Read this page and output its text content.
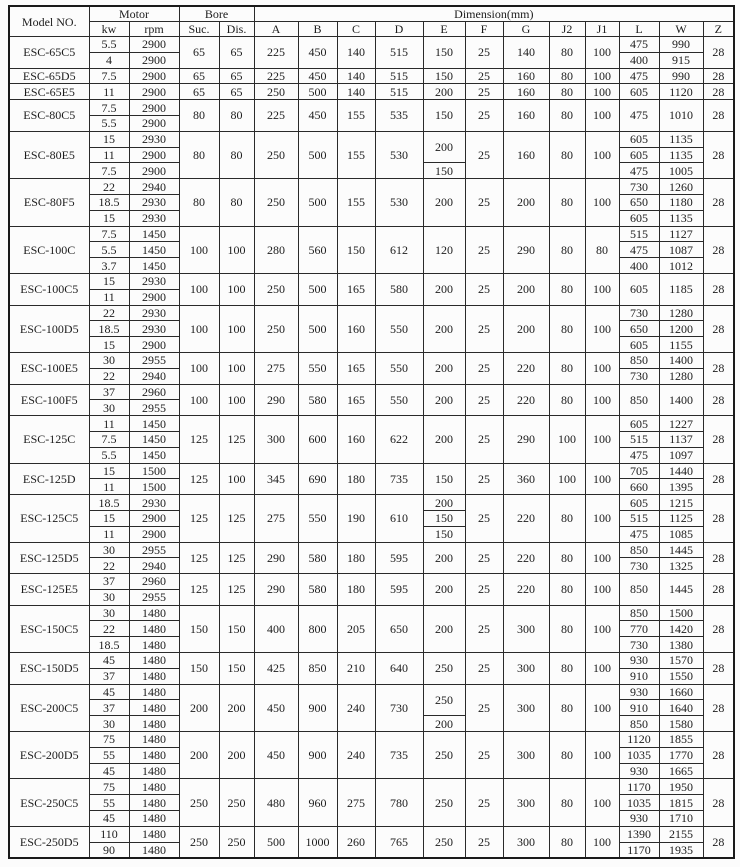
Model NO.	Motor		Bore		Dimension(mm)											
	kw	rpm	Suc.	Dis.	A	B	C	D	E	F	G	J2	J1	L	W	Z
ESC-65C5	5.5	2900	65	65	225	450	140	515	150	25	140	80	100	475	990	28
	4	2900												400	915	
ESC-65D5	7.5	2900	65	65	225	450	140	515	150	25	160	80	100	475	990	28
ESC-65E5	11	2900	65	65	250	500	140	515	200	25	160	80	100	605	1120	28
ESC-80C5	7.5	2900	80	80	225	450	155	535	150	25	160	80	100	475	1010	28
	5.5	2900														
ESC-80E5	15	2930	80	80	250	500	155	530	200	25	160	80	100	605	1135	28
	11	2900												605	1135	
	7.5	2900							150					475	1005	
ESC-80F5	22	2940	80	80	250	500	155	530	200	25	200	80	100	730	1260	28
	18.5	2930												650	1180	
	15	2930												605	1135	
ESC-100C	7.5	1450	100	100	280	560	150	612	120	25	290	80	80	515	1127	28
	5.5	1450												475	1087	
	3.7	1450												400	1012	
ESC-100C5	15	2930	100	100	250	500	165	580	200	25	200	80	100	605	1185	28
	11	2900														
ESC-100D5	22	2930	100	100	250	500	160	550	200	25	200	80	100	730	1280	28
	18.5	2930												650	1200	
	15	2900												605	1155	
ESC-100E5	30	2955	100	100	275	550	165	550	200	25	220	80	100	850	1400	28
	22	2940												730	1280	
ESC-100F5	37	2960	100	100	290	580	165	550	200	25	220	80	100	850	1400	28
	30	2955														
ESC-125C	11	1450	125	125	300	600	160	622	200	25	290	100	100	605	1227	28
	7.5	1450												515	1137	
	5.5	1450												475	1097	
ESC-125D	15	1500	125	100	345	690	180	735	150	25	360	100	100	705	1440	28
	11	1500												660	1395	
ESC-125C5	18.5	2930	125	125	275	550	190	610	200	25	220	80	100	605	1215	28
	15	2900							150					515	1125	
	11	2900							150					475	1085	
ESC-125D5	30	2955	125	125	290	580	180	595	200	25	220	80	100	850	1445	28
	22	2940												730	1325	
ESC-125E5	37	2960	125	125	290	580	180	595	200	25	220	80	100	850	1445	28
	30	2955														
ESC-150C5	30	1480	150	150	400	800	205	650	200	25	300	80	100	850	1500	28
	22	1480												770	1420	
	18.5	1480												730	1380	
ESC-150D5	45	1480	150	150	425	850	210	640	250	25	300	80	100	930	1570	28
	37	1480												910	1550	
ESC-200C5	45	1480	200	200	450	900	240	730	250	25	300	80	100	930	1660	28
	37	1480												910	1640	
	30	1480							200					850	1580	
ESC-200D5	75	1480	200	200	450	900	240	735	250	25	300	80	100	1120	1855	28
	55	1480												1035	1770	
	45	1480												930	1665	
ESC-250C5	75	1480	250	250	480	960	275	780	250	25	300	80	100	1170	1950	28
	55	1480												1035	1815	
	45	1480												930	1710	
ESC-250D5	110	1480	250	250	500	1000	260	765	250	25	300	80	100	1390	2155	28
	90	1480												1170	1935	
